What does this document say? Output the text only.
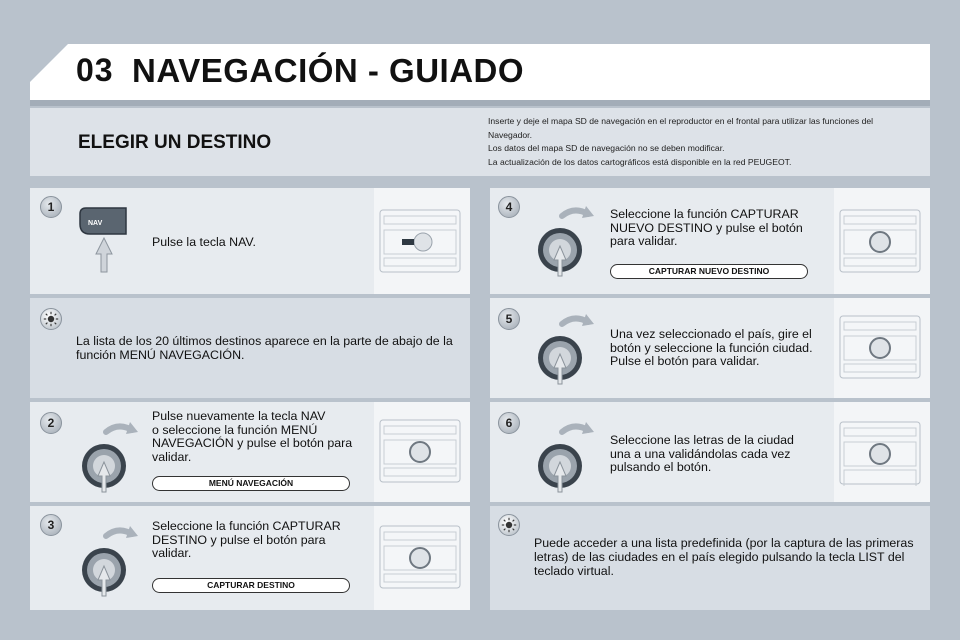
03 NAVEGACIÓN - GUIADO
ELEGIR UN DESTINO
Inserte y deje el mapa SD de navegación en el reproductor en el frontal para utilizar las funciones del
Navegador.
Los datos del mapa SD de navegación no se deben modificar.
La actualización de los datos cartográficos está disponible en la red PEUGEOT.
1
NAV
Pulse la tecla NAV.
La lista de los 20 últimos destinos aparece en la parte de abajo de la
función MENÚ NAVEGACIÓN.
2	Pulse nuevamente la tecla NAV
o seleccione la función MENÚ
NAVEGACIÓN y pulse el botón para
validar.
MENÚ NAVEGACIÓN
3	Seleccione la función CAPTURAR
DESTINO y pulse el botón para
validar.
CAPTURAR DESTINO
4	Seleccione la función CAPTURAR
NUEVO DESTINO y pulse el botón
para validar.
CAPTURAR NUEVO DESTINO
5
Una vez seleccionado el país, gire el
botón y seleccione la función ciudad.
Pulse el botón para validar.
6
Seleccione las letras de la ciudad
una a una validándolas cada vez
pulsando el botón.
Puede acceder a una lista predefinida (por la captura de las primeras
letras) de las ciudades en el país elegido pulsando la tecla LIST del
teclado virtual.
